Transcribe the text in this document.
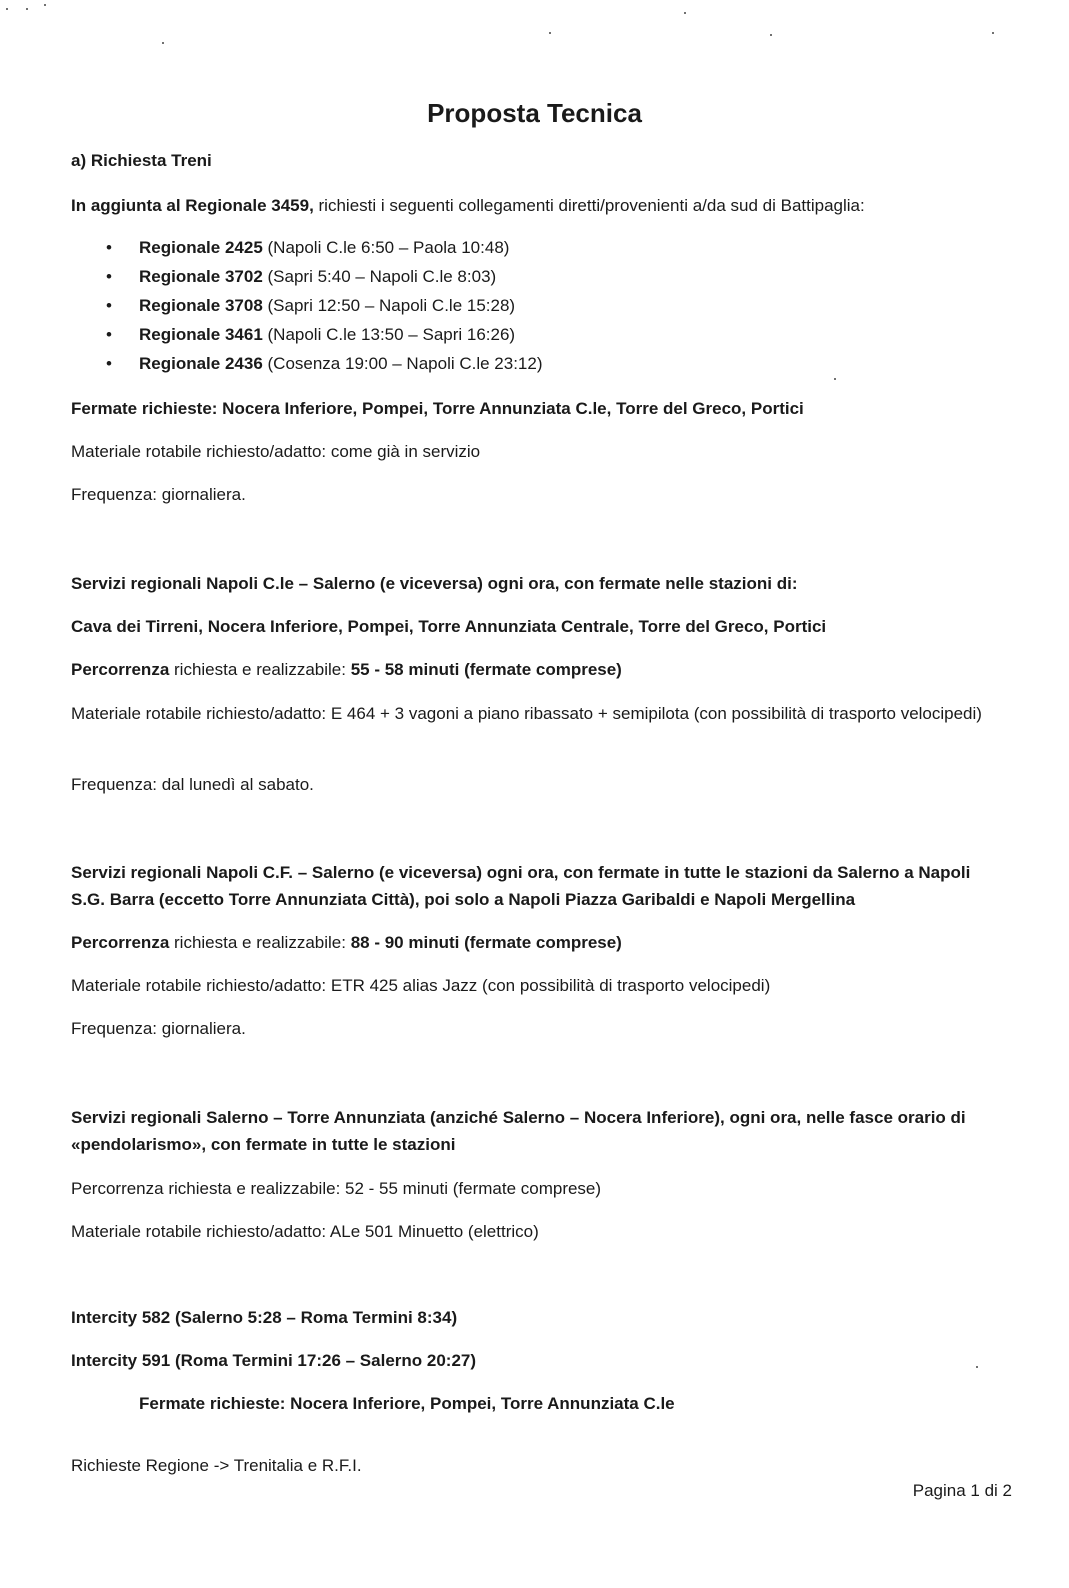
Proposta Tecnica

a) Richiesta Treni

In aggiunta al Regionale 3459, richiesti i seguenti collegamenti diretti/provenienti a/da sud di Battipaglia:

• Regionale 2425 (Napoli C.le 6:50 – Paola 10:48)
• Regionale 3702 (Sapri 5:40 – Napoli C.le 8:03)
• Regionale 3708 (Sapri 12:50 – Napoli C.le 15:28)
• Regionale 3461 (Napoli C.le 13:50 – Sapri 16:26)
• Regionale 2436 (Cosenza 19:00 – Napoli C.le 23:12)

Fermate richieste: Nocera Inferiore, Pompei, Torre Annunziata C.le, Torre del Greco, Portici

Materiale rotabile richiesto/adatto: come già in servizio

Frequenza: giornaliera.

Servizi regionali Napoli C.le – Salerno (e viceversa) ogni ora, con fermate nelle stazioni di:

Cava dei Tirreni, Nocera Inferiore, Pompei, Torre Annunziata Centrale, Torre del Greco, Portici

Percorrenza richiesta e realizzabile: 55 - 58 minuti (fermate comprese)

Materiale rotabile richiesto/adatto: E 464 + 3 vagoni a piano ribassato + semipilota (con possibilità di trasporto velocipedi)

Frequenza: dal lunedì al sabato.

Servizi regionali Napoli C.F. – Salerno (e viceversa) ogni ora, con fermate in tutte le stazioni da Salerno a Napoli S.G. Barra (eccetto Torre Annunziata Città), poi solo a Napoli Piazza Garibaldi e Napoli Mergellina

Percorrenza richiesta e realizzabile: 88 - 90 minuti (fermate comprese)

Materiale rotabile richiesto/adatto: ETR 425 alias Jazz (con possibilità di trasporto velocipedi)

Frequenza: giornaliera.

Servizi regionali Salerno – Torre Annunziata (anziché Salerno – Nocera Inferiore), ogni ora, nelle fasce orario di «pendolarismo», con fermate in tutte le stazioni

Percorrenza richiesta e realizzabile: 52 - 55 minuti (fermate comprese)

Materiale rotabile richiesto/adatto: ALe 501 Minuetto (elettrico)

Intercity 582 (Salerno 5:28 – Roma Termini 8:34)

Intercity 591 (Roma Termini 17:26 – Salerno 20:27)

Fermate richieste: Nocera Inferiore, Pompei, Torre Annunziata C.le

Richieste Regione -> Trenitalia e R.F.I.

Pagina 1 di 2
